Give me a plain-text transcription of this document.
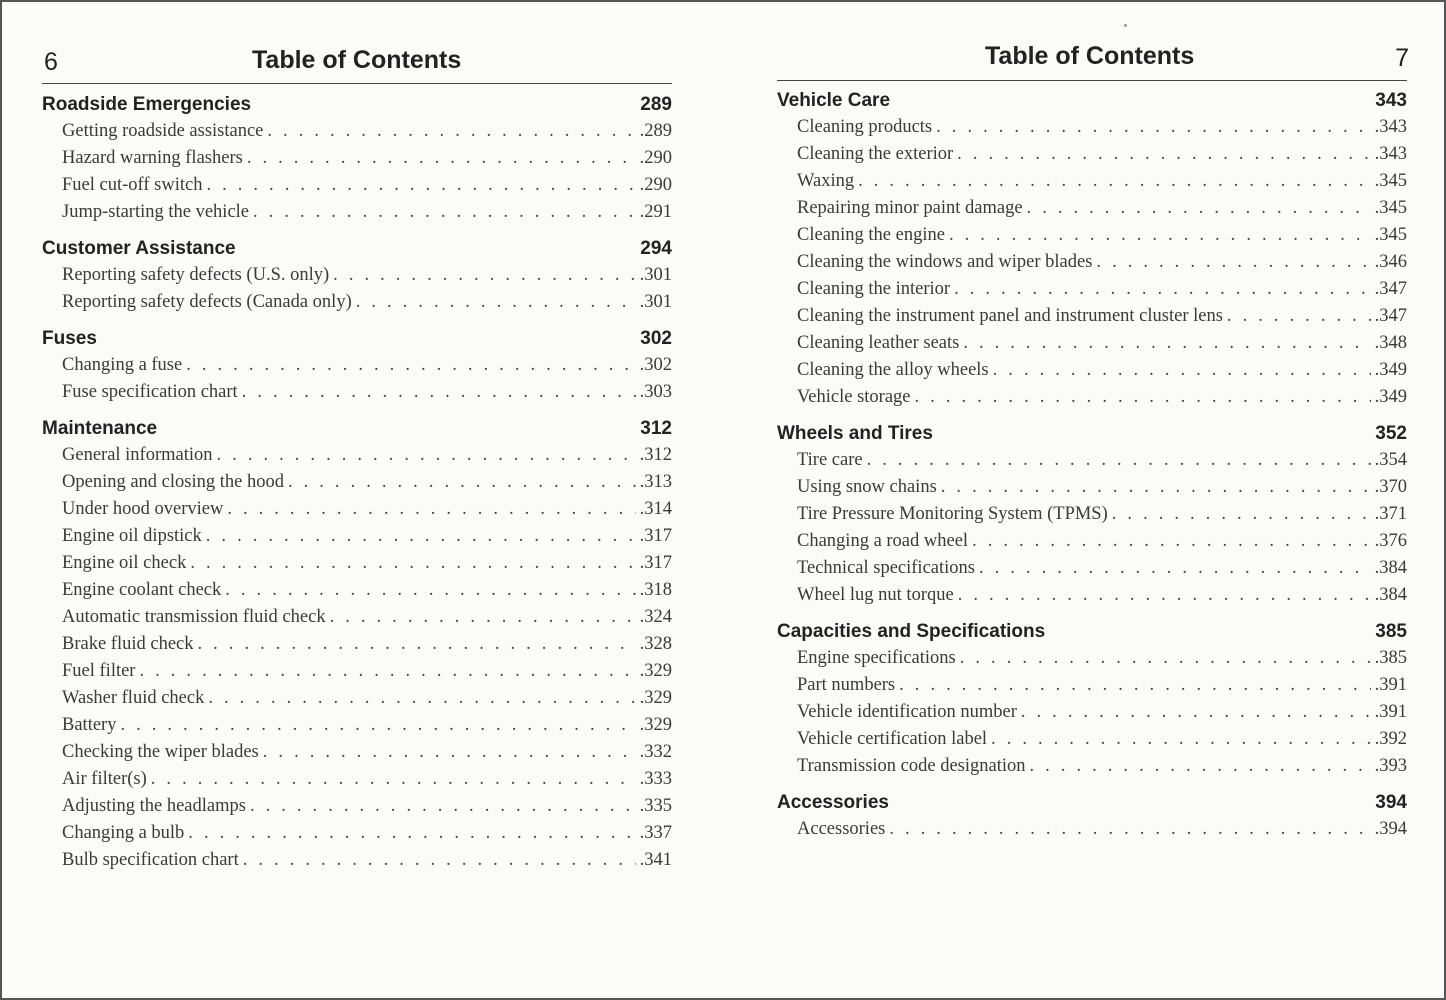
6	Table of Contents
Roadside Emergencies	289
Getting roadside assistance . . .	.289
Hazard warning flashers . . .	.290
Fuel cut-off switch . . .	.290
Jump-starting the vehicle . . .	.291
Customer Assistance	294
Reporting safety defects (U.S. only) . . .	.301
Reporting safety defects (Canada only) . . .	.301
Fuses	302
Changing a fuse . . .	.302
Fuse specification chart . . .	.303
Maintenance	312
General information . . .	.312
Opening and closing the hood . . .	.313
Under hood overview . . .	.314
Engine oil dipstick . . .	.317
Engine oil check . . .	.317
Engine coolant check . . .	.318
Automatic transmission fluid check . . .	.324
Brake fluid check . . .	.328
Fuel filter . . .	.329
Washer fluid check . . .	.329
Battery . . .	.329
Checking the wiper blades . . .	.332
Air filter(s) . . .	.333
Adjusting the headlamps . . .	.335
Changing a bulb . . .	.337
Bulb specification chart . . .	.341
Table of Contents	7
Vehicle Care	343
Cleaning products . . .	.343
Cleaning the exterior . . .	.343
Waxing . . .	.345
Repairing minor paint damage . . .	.345
Cleaning the engine . . .	.345
Cleaning the windows and wiper blades . . .	.346
Cleaning the interior . . .	.347
Cleaning the instrument panel and instrument cluster lens . . .	.347
Cleaning leather seats . . .	.348
Cleaning the alloy wheels . . .	.349
Vehicle storage . . .	.349
Wheels and Tires	352
Tire care . . .	.354
Using snow chains . . .	.370
Tire Pressure Monitoring System (TPMS) . . .	.371
Changing a road wheel . . .	.376
Technical specifications . . .	.384
Wheel lug nut torque . . .	.384
Capacities and Specifications	385
Engine specifications . . .	.385
Part numbers . . .	.391
Vehicle identification number . . .	.391
Vehicle certification label . . .	.392
Transmission code designation . . .	.393
Accessories	394
Accessories . . .	.394
